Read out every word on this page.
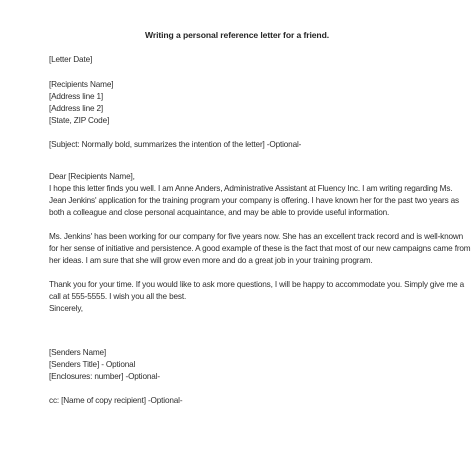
Writing a personal reference letter for a friend.
[Letter Date]
[Recipients Name]
[Address line 1]
[Address line 2]
[State, ZIP Code]
[Subject: Normally bold, summarizes the intention of the letter] -Optional-
Dear [Recipients Name],
I hope this letter finds you well. I am Anne Anders, Administrative Assistant at Fluency Inc. I am writing regarding Ms.
Jean Jenkins' application for the training program your company is offering. I have known her for the past two years as
both a colleague and close personal acquaintance, and may be able to provide useful information.
Ms. Jenkins' has been working for our company for five years now. She has an excellent track record and is well-known
for her sense of initiative and persistence. A good example of these is the fact that most of our new campaigns came from
her ideas. I am sure that she will grow even more and do a great job in your training program.
Thank you for your time. If you would like to ask more questions, I will be happy to accommodate you. Simply give me a
call at 555-5555. I wish you all the best.
Sincerely,
[Senders Name]
[Senders Title] - Optional
[Enclosures: number] -Optional-
cc: [Name of copy recipient] -Optional-
